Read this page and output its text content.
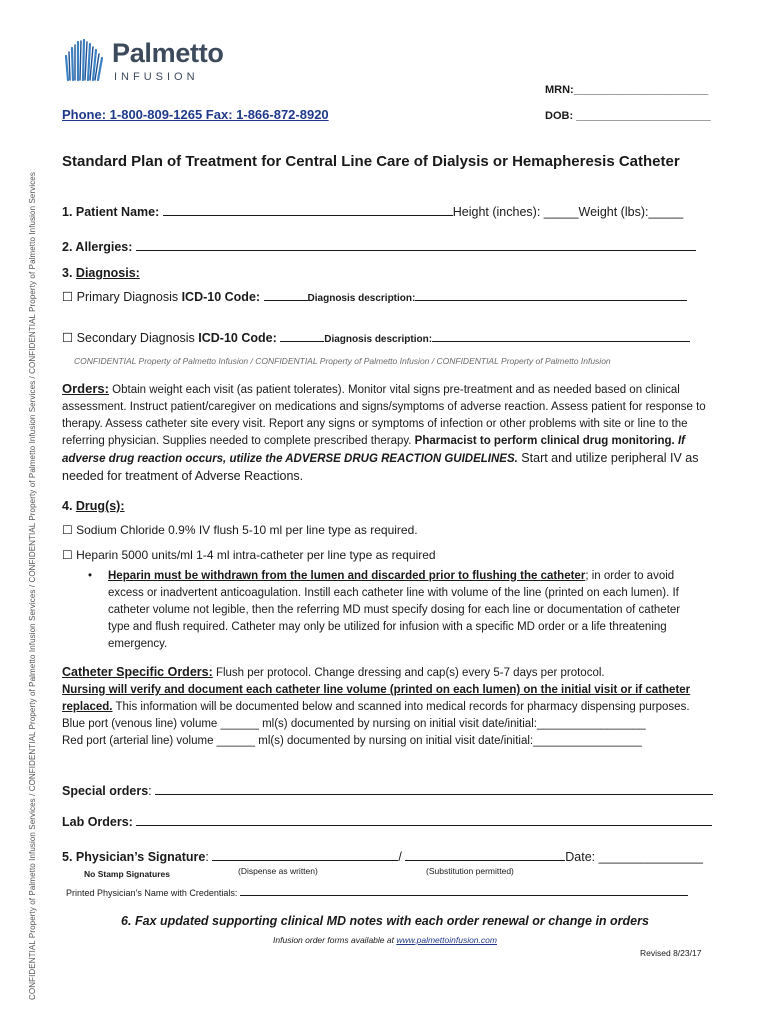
CONFIDENTIAL Property of Palmetto Infusion Services / CONFIDENTIAL Property of Palmetto Infusion Services / CONFIDENTIAL Property of Palmetto Infusion Services / CONFIDENTIAL Property of Palmetto Infusion Services
Palmetto
INFUSION
MRN:______________________
DOB: ______________________
Phone: 1-800-809-1265 Fax: 1-866-872-8920
Standard Plan of Treatment for Central Line Care of Dialysis or Hemapheresis Catheter
1. Patient Name:	Height (inches): _____Weight (lbs):_____
2. Allergies:
3. Diagnosis:
☐ Primary Diagnosis ICD-10 Code:	Diagnosis description:
☐ Secondary Diagnosis ICD-10 Code:	Diagnosis description:
CONFIDENTIAL Property of Palmetto Infusion / CONFIDENTIAL Property of Palmetto Infusion / CONFIDENTIAL Property of Palmetto Infusion
Orders: Obtain weight each visit (as patient tolerates). Monitor vital signs pre-treatment and as needed based on clinical assessment. Instruct patient/caregiver on medications and signs/symptoms of adverse reaction. Assess patient for response to therapy. Assess catheter site every visit. Report any signs or symptoms of infection or other problems with site or line to the referring physician. Supplies needed to complete prescribed therapy. Pharmacist to perform clinical drug monitoring. If adverse drug reaction occurs, utilize the ADVERSE DRUG REACTION GUIDELINES. Start and utilize peripheral IV as needed for treatment of Adverse Reactions.
4. Drug(s):
☐ Sodium Chloride 0.9% IV flush 5-10 ml per line type as required.
☐ Heparin 5000 units/ml 1-4 ml intra-catheter per line type as required
• Heparin must be withdrawn from the lumen and discarded prior to flushing the catheter; in order to avoid excess or inadvertent anticoagulation. Instill each catheter line with volume of the line (printed on each lumen). If catheter volume not legible, then the referring MD must specify dosing for each line or documentation of catheter type and flush required. Catheter may only be utilized for infusion with a specific MD order or a life threatening emergency.
Catheter Specific Orders: Flush per protocol. Change dressing and cap(s) every 5-7 days per protocol.
Nursing will verify and document each catheter line volume (printed on each lumen) on the initial visit or if catheter replaced. This information will be documented below and scanned into medical records for pharmacy dispensing purposes.
Blue port (venous line) volume ______ ml(s) documented by nursing on initial visit date/initial:_________________
Red port (arterial line) volume ______ ml(s) documented by nursing on initial visit date/initial:_________________
Special orders:
Lab Orders:
5. Physician’s Signature:	/	Date: _______________
No Stamp Signatures	(Dispense as written)	(Substitution permitted)
Printed Physician’s Name with Credentials:
6. Fax updated supporting clinical MD notes with each order renewal or change in orders
Infusion order forms available at www.palmettoinfusion.com
Revised 8/23/17
